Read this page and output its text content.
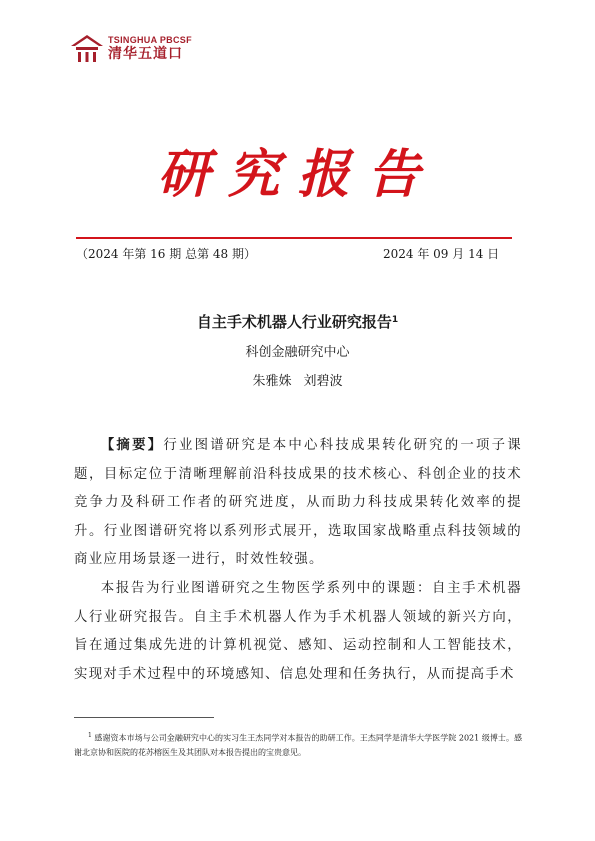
TSINGHUA PBCSF
清华五道口
研究报告
（2024 年第 16 期 总第 48 期）	2024 年 09 月 14 日
自主手术机器人行业研究报告$^1$
科创金融研究中心
朱雅姝 刘碧波

【摘要】行业图谱研究是本中心科技成果转化研究的一项子课题，目标定位于清晰理解前沿科技成果的技术核心、科创企业的技术竞争力及科研工作者的研究进度，从而助力科技成果转化效率的提升。行业图谱研究将以系列形式展开，选取国家战略重点科技领域的商业应用场景逐一进行，时效性较强。

本报告为行业图谱研究之生物医学系列中的课题：自主手术机器人行业研究报告。自主手术机器人作为手术机器人领域的新兴方向，旨在通过集成先进的计算机视觉、感知、运动控制和人工智能技术，实现对手术过程中的环境感知、信息处理和任务执行，从而提高手术

$^1$ 感谢资本市场与公司金融研究中心的实习生王杰同学对本报告的助研工作。王杰同学是清华大学医学院 2021 级博士。感谢北京协和医院的花苏榕医生及其团队对本报告提出的宝贵意见。
